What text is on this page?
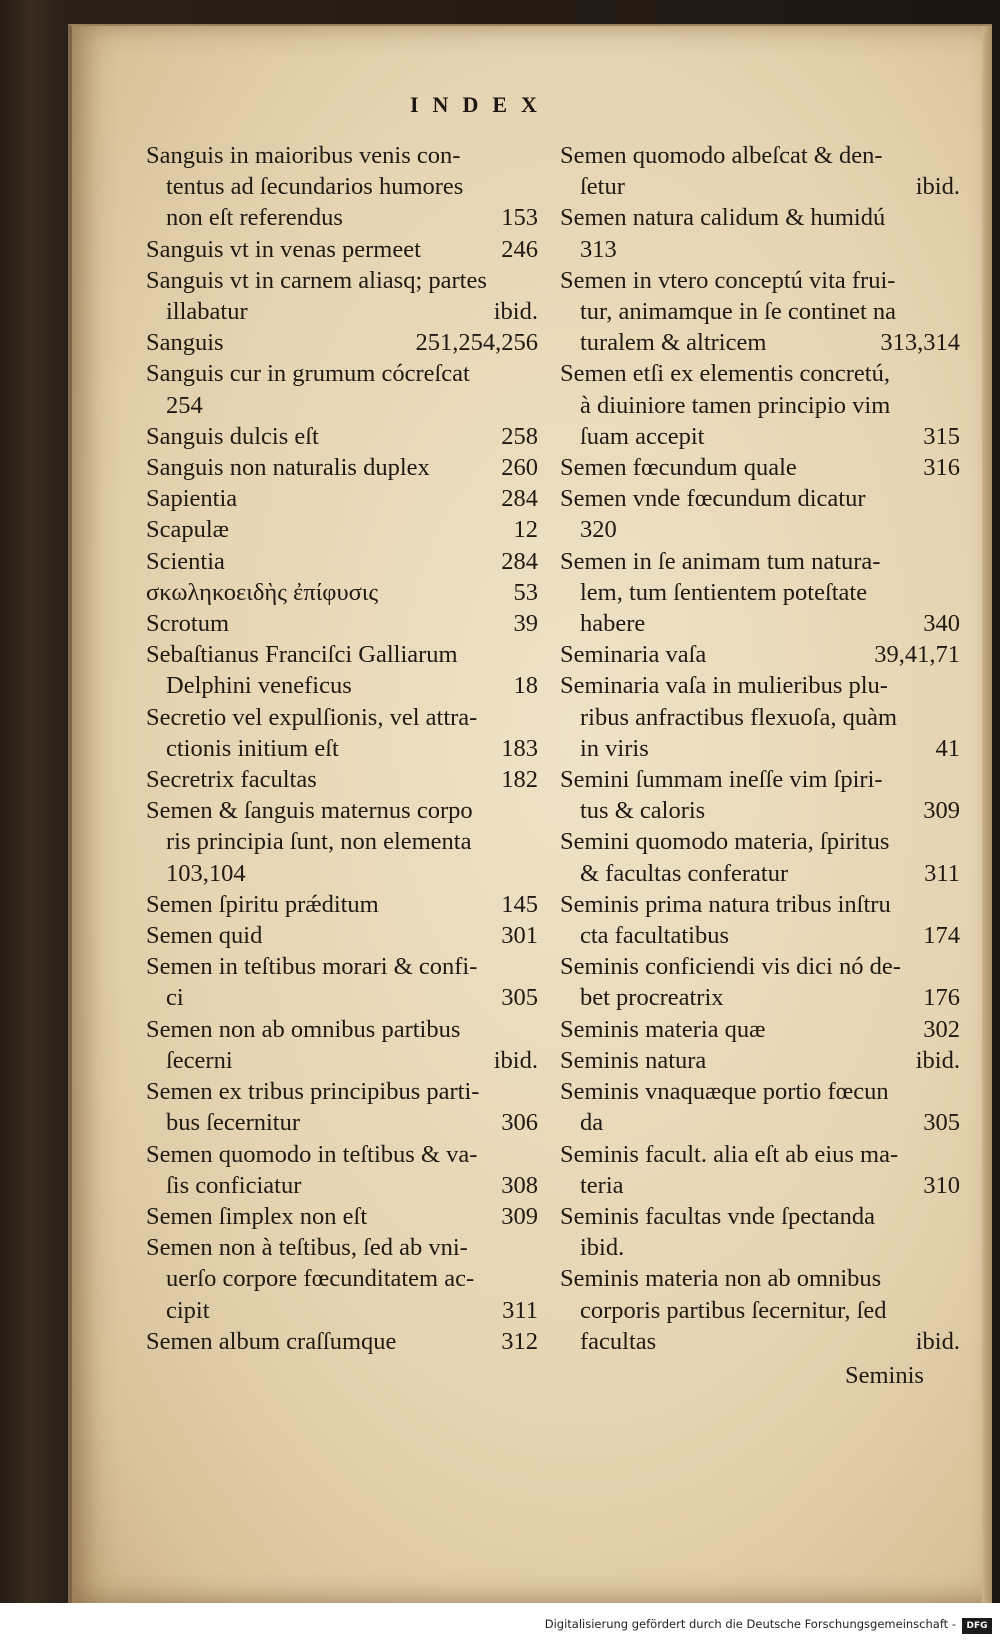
INDEX
Sanguis in maioribus venis con-
tentus ad ſecundarios humores
non eſt referendus	153
Sanguis vt in venas permeet	246
Sanguis vt in carnem aliasq; partes
illabatur	ibid.
Sanguis	251,254,256
Sanguis cur in grumum cócreſcat
254
Sanguis dulcis eſt	258
Sanguis non naturalis duplex	260
Sapientia	284
Scapulæ	12
Scientia	284
σκωληκοειδὴς ἐπίφυσις	53
Scrotum	39
Sebaſtianus Franciſci Galliarum
Delphini veneficus	18
Secretio vel expulſionis, vel attra-
ctionis initium eſt	183
Secretrix facultas	182
Semen & ſanguis maternus corpo
ris principia ſunt, non elementa
103,104
Semen ſpiritu prǽditum	145
Semen quid	301
Semen in teſtibus morari & confi-
ci	305
Semen non ab omnibus partibus
ſecerni	ibid.
Semen ex tribus principibus parti-
bus ſecernitur	306
Semen quomodo in teſtibus & va-
ſis conficiatur	308
Semen ſimplex non eſt	309
Semen non à teſtibus, ſed ab vni-
uerſo corpore fœcunditatem ac-
cipit	311
Semen album craſſumque	312
Semen quomodo albeſcat & den-
ſetur	ibid.
Semen natura calidum & humidú
313
Semen in vtero conceptú vita frui-
tur, animamque in ſe continet na
turalem & altricem	313,314
Semen etſi ex elementis concretú,
à diuiniore tamen principio vim
ſuam accepit	315
Semen fœcundum quale	316
Semen vnde fœcundum dicatur
320
Semen in ſe animam tum natura-
lem, tum ſentientem poteſtate
habere	340
Seminaria vaſa	39,41,71
Seminaria vaſa in mulieribus plu-
ribus anfractibus flexuoſa, quàm
in viris	41
Semini ſummam ineſſe vim ſpiri-
tus & caloris	309
Semini quomodo materia, ſpiritus
& facultas conferatur	311
Seminis prima natura tribus inſtru
cta facultatibus	174
Seminis conficiendi vis dici nó de-
bet procreatrix	176
Seminis materia quæ	302
Seminis natura	ibid.
Seminis vnaquæque portio fœcun
da	305
Seminis facult. alia eſt ab eius ma-
teria	310
Seminis facultas vnde ſpectanda
ibid.
Seminis materia non ab omnibus
corporis partibus ſecernitur, ſed
facultas	ibid.
Seminis
Digitalisierung gefördert durch die Deutsche Forschungsgemeinschaft -	DFG
